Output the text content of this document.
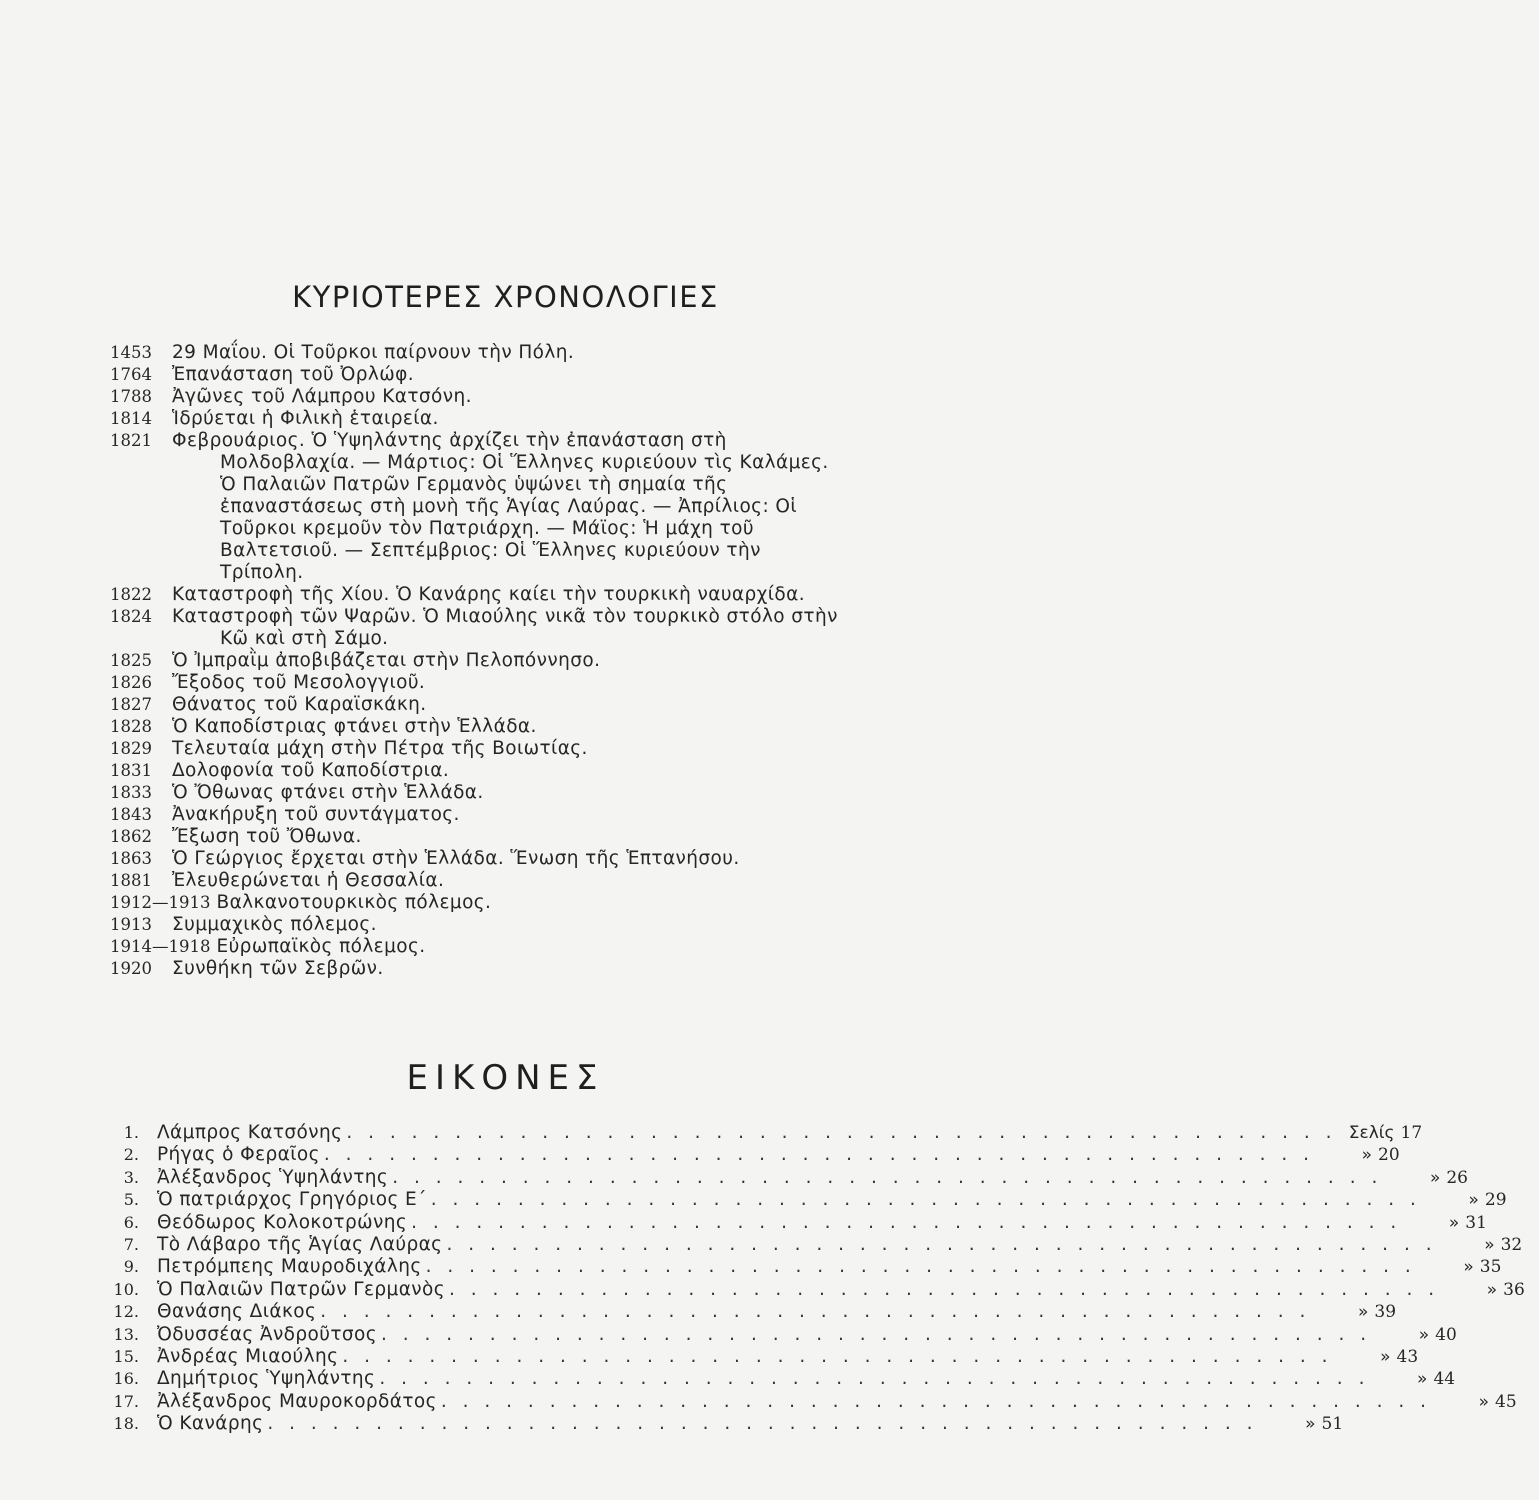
ΚΥΡΙΟΤΕΡΕΣ ΧΡΟΝΟΛΟΓΙΕΣ
1453	29 Μαΐου. Οἱ Τοῦρκοι παίρνουν τὴν Πόλη.
1764	Ἐπανάσταση τοῦ Ὀρλώφ.
1788	Ἀγῶνες τοῦ Λάμπρου Κατσόνη.
1814	Ἱδρύεται ἡ Φιλικὴ ἑταιρεία.
1821	Φεβρουάριος. Ὁ Ὑψηλάντης ἀρχίζει τὴν ἐπανάσταση στὴ Μολδοβλαχία. — Μάρτιος: Οἱ Ἕλληνες κυριεύουν τὶς Καλάμες. Ὁ Παλαιῶν Πατρῶν Γερμανὸς ὑψώνει τὴ σημαία τῆς ἐπαναστάσεως στὴ μονὴ τῆς Ἁγίας Λαύρας. — Ἀπρίλιος: Οἱ Τοῦρκοι κρεμοῦν τὸν Πατριάρχη. — Μάϊος: Ἡ μάχη τοῦ Βαλτετσιοῦ. — Σεπτέμβριος: Οἱ Ἕλληνες κυριεύουν τὴν Τρίπολη.
1822	Καταστροφὴ τῆς Χίου. Ὁ Κανάρης καίει τὴν τουρκικὴ ναυαρχίδα.
1824	Καταστροφὴ τῶν Ψαρῶν. Ὁ Μιαούλης νικᾶ τὸν τουρκικὸ στόλο στὴν Κῶ καὶ στὴ Σάμο.
1825	Ὁ Ἰμπραῒμ ἀποβιβάζεται στὴν Πελοπόννησο.
1826	Ἔξοδος τοῦ Μεσολογγιοῦ.
1827	Θάνατος τοῦ Καραϊσκάκη.
1828	Ὁ Καποδίστριας φτάνει στὴν Ἑλλάδα.
1829	Τελευταία μάχη στὴν Πέτρα τῆς Βοιωτίας.
1831	Δολοφονία τοῦ Καποδίστρια.
1833	Ὁ Ὄθωνας φτάνει στὴν Ἑλλάδα.
1843	Ἀνακήρυξη τοῦ συντάγματος.
1862	Ἔξωση τοῦ Ὄθωνα.
1863	Ὁ Γεώργιος ἔρχεται στὴν Ἑλλάδα. Ἕνωση τῆς Ἑπτανήσου.
1881	Ἐλευθερώνεται ἡ Θεσσαλία.
1912—1913 Βαλκανοτουρκικὸς πόλεμος.
1913	Συμμαχικὸς πόλεμος.
1914—1918 Εὐρωπαϊκὸς πόλεμος.
1920	Συνθήκη τῶν Σεβρῶν.
ΕΙΚΟΝΕΣ
1. Λάμπρος Κατσόνης . . . . . . . . . . . . . . . . . . . . . . . . . . . . . . . . . . . . . . . . . . . . . . Σελίς 17
2. Ρήγας ὁ Φεραῖος . . . . . . . . . . . . . . . . . . . . . . . . . . . . . . . . . . . . . . . . . . . . . .	» 20
3. Ἀλέξανδρος Ὑψηλάντης . . . . . . . . . . . . . . . . . . . . . . . . . . . . . . . . . . . . . . . . . . . . . .	» 26
5. Ὁ πατριάρχος Γρηγόριος Ε΄ . . . . . . . . . . . . . . . . . . . . . . . . . . . . . . . . . . . . . . . . . . . . . .	» 29
6. Θεόδωρος Κολοκοτρώνης . . . . . . . . . . . . . . . . . . . . . . . . . . . . . . . . . . . . . . . . . . . . . .	» 31
7. Τὸ Λάβαρο τῆς Ἁγίας Λαύρας . . . . . . . . . . . . . . . . . . . . . . . . . . . . . . . . . . . . . . . . . . . . . .	» 32
9. Πετρόμπεης Μαυροδιχάλης . . . . . . . . . . . . . . . . . . . . . . . . . . . . . . . . . . . . . . . . . . . . . .	» 35
10. Ὁ Παλαιῶν Πατρῶν Γερμανὸς . . . . . . . . . . . . . . . . . . . . . . . . . . . . . . . . . . . . . . . . . . . . . .	» 36
12. Θανάσης Διάκος . . . . . . . . . . . . . . . . . . . . . . . . . . . . . . . . . . . . . . . . . . . . . .	» 39
13. Ὀδυσσέας Ἀνδροῦτσος . . . . . . . . . . . . . . . . . . . . . . . . . . . . . . . . . . . . . . . . . . . . . .	» 40
15. Ἀνδρέας Μιαούλης . . . . . . . . . . . . . . . . . . . . . . . . . . . . . . . . . . . . . . . . . . . . . .	» 43
16. Δημήτριος Ὑψηλάντης . . . . . . . . . . . . . . . . . . . . . . . . . . . . . . . . . . . . . . . . . . . . . .	» 44
17. Ἀλέξανδρος Μαυροκορδάτος . . . . . . . . . . . . . . . . . . . . . . . . . . . . . . . . . . . . . . . . . . . . . .	» 45
18. Ὁ Κανάρης . . . . . . . . . . . . . . . . . . . . . . . . . . . . . . . . . . . . . . . . . . . . . .	» 51
